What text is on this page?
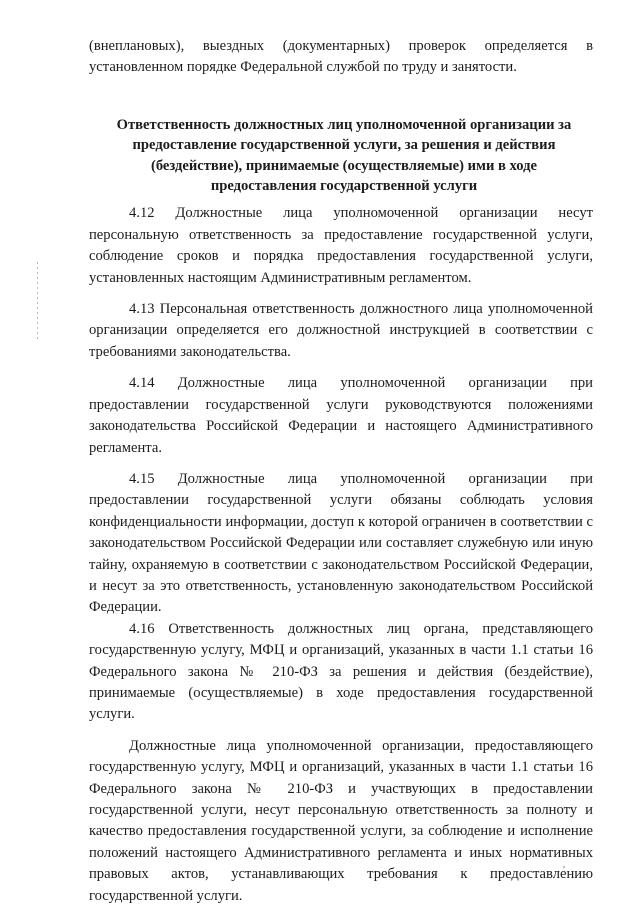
(внеплановых), выездных (документарных) проверок определяется в установленном порядке Федеральной службой по труду и занятости.

Ответственность должностных лиц уполномоченной организации за предоставление государственной услуги, за решения и действия (бездействие), принимаемые (осуществляемые) ими в ходе предоставления государственной услуги

4.12 Должностные лица уполномоченной организации несут персональную ответственность за предоставление государственной услуги, соблюдение сроков и порядка предоставления государственной услуги, установленных настоящим Административным регламентом.

4.13 Персональная ответственность должностного лица уполномоченной организации определяется его должностной инструкцией в соответствии с требованиями законодательства.

4.14 Должностные лица уполномоченной организации при предоставлении государственной услуги руководствуются положениями законодательства Российской Федерации и настоящего Административного регламента.

4.15 Должностные лица уполномоченной организации при предоставлении государственной услуги обязаны соблюдать условия конфиденциальности информации, доступ к которой ограничен в соответствии с законодательством Российской Федерации или составляет служебную или иную тайну, охраняемую в соответствии с законодательством Российской Федерации, и несут за это ответственность, установленную законодательством Российской Федерации.

4.16 Ответственность должностных лиц органа, представляющего государственную услугу, МФЦ и организаций, указанных в части 1.1 статьи 16 Федерального закона № 210-ФЗ за решения и действия (бездействие), принимаемые (осуществляемые) в ходе предоставления государственной услуги.

Должностные лица уполномоченной организации, предоставляющего государственную услугу, МФЦ и организаций, указанных в части 1.1 статьи 16 Федерального закона № 210-ФЗ и участвующих в предоставлении государственной услуги, несут персональную ответственность за полноту и качество предоставления государственной услуги, за соблюдение и исполнение положений настоящего Административного регламента и иных нормативных правовых актов, устанавливающих требования к предоставлению государственной услуги.
